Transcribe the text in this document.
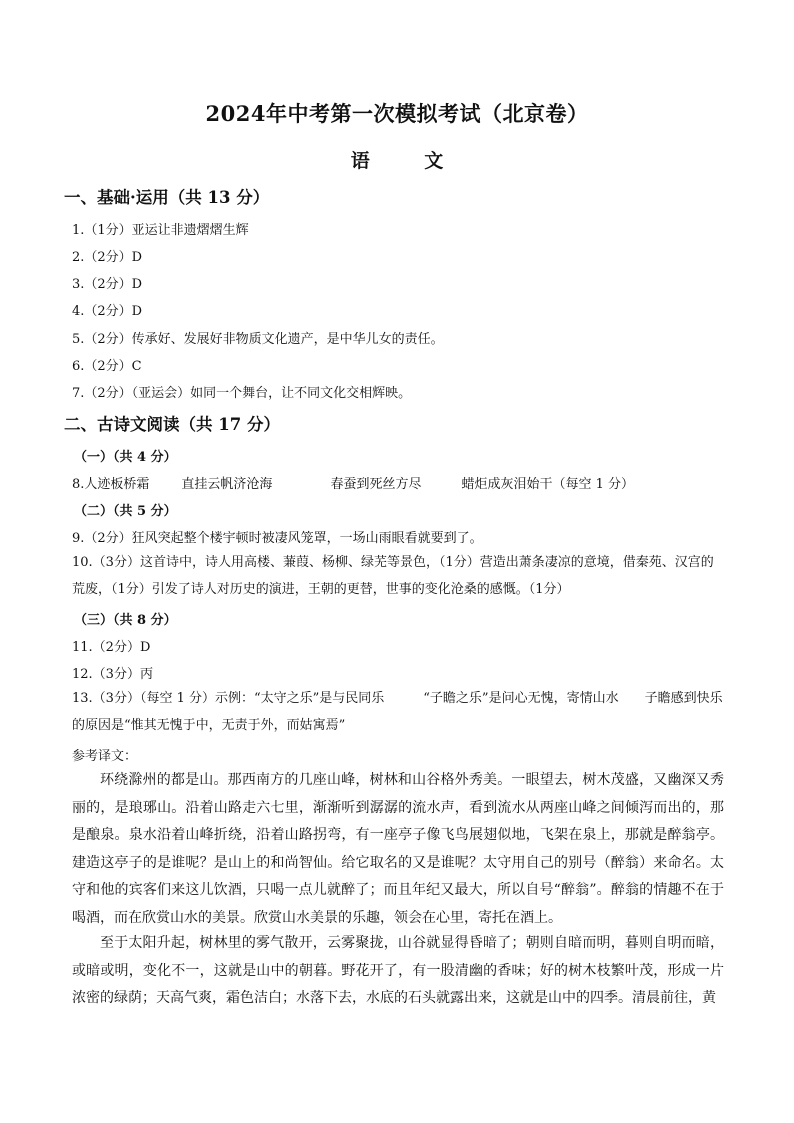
2024年中考第一次模拟考试（北京卷）
语 文
一、基础·运用（共 13 分）
1.（1分）亚运让非遗熠熠生辉
2.（2分）D
3.（2分）D
4.（2分）D
5.（2分）传承好、发展好非物质文化遗产，是中华儿女的责任。
6.（2分）C
7.（2分）（亚运会）如同一个舞台，让不同文化交相辉映。
二、古诗文阅读（共 17 分）
（一）（共 4 分）
8.人迹板桥霜 直挂云帆济沧海	春蚕到死丝方尽	蜡炬成灰泪始干（每空 1 分）
（二）（共 5 分）
9.（2分）狂风突起整个楼宇顿时被凄风笼罩，一场山雨眼看就要到了。
10.（3分）这首诗中，诗人用高楼、蒹葭、杨柳、绿芜等景色，（1分）营造出萧条凄凉的意境，借秦苑、汉宫的荒废，（1分）引发了诗人对历史的演进，王朝的更替，世事的变化沧桑的感慨。（1分）
（三）（共 8 分）
11.（2分）D
12.（3分）丙
13.（3分）（每空 1 分）示例：“太守之乐”是与民同乐　　　“子瞻之乐”是问心无愧，寄情山水　　子瞻感到快乐的原因是“惟其无愧于中，无责于外，而姑寓焉”
参考译文：
环绕滁州的都是山。那西南方的几座山峰，树林和山谷格外秀美。一眼望去，树木茂盛，又幽深又秀丽的，是琅琊山。沿着山路走六七里，渐渐听到潺潺的流水声，看到流水从两座山峰之间倾泻而出的，那是酿泉。泉水沿着山峰折绕，沿着山路拐弯，有一座亭子像飞鸟展翅似地，飞架在泉上，那就是醉翁亭。建造这亭子的是谁呢？是山上的和尚智仙。给它取名的又是谁呢？太守用自己的别号（醉翁）来命名。太守和他的宾客们来这儿饮酒，只喝一点儿就醉了；而且年纪又最大，所以自号“醉翁”。醉翁的情趣不在于喝酒，而在欣赏山水的美景。欣赏山水美景的乐趣，领会在心里，寄托在酒上。
至于太阳升起，树林里的雾气散开，云雾聚拢，山谷就显得昏暗了；朝则自暗而明，暮则自明而暗，或暗或明，变化不一，这就是山中的朝暮。野花开了，有一股清幽的香味；好的树木枝繁叶茂，形成一片浓密的绿荫；天高气爽，霜色洁白；水落下去，水底的石头就露出来，这就是山中的四季。清晨前往，黄
